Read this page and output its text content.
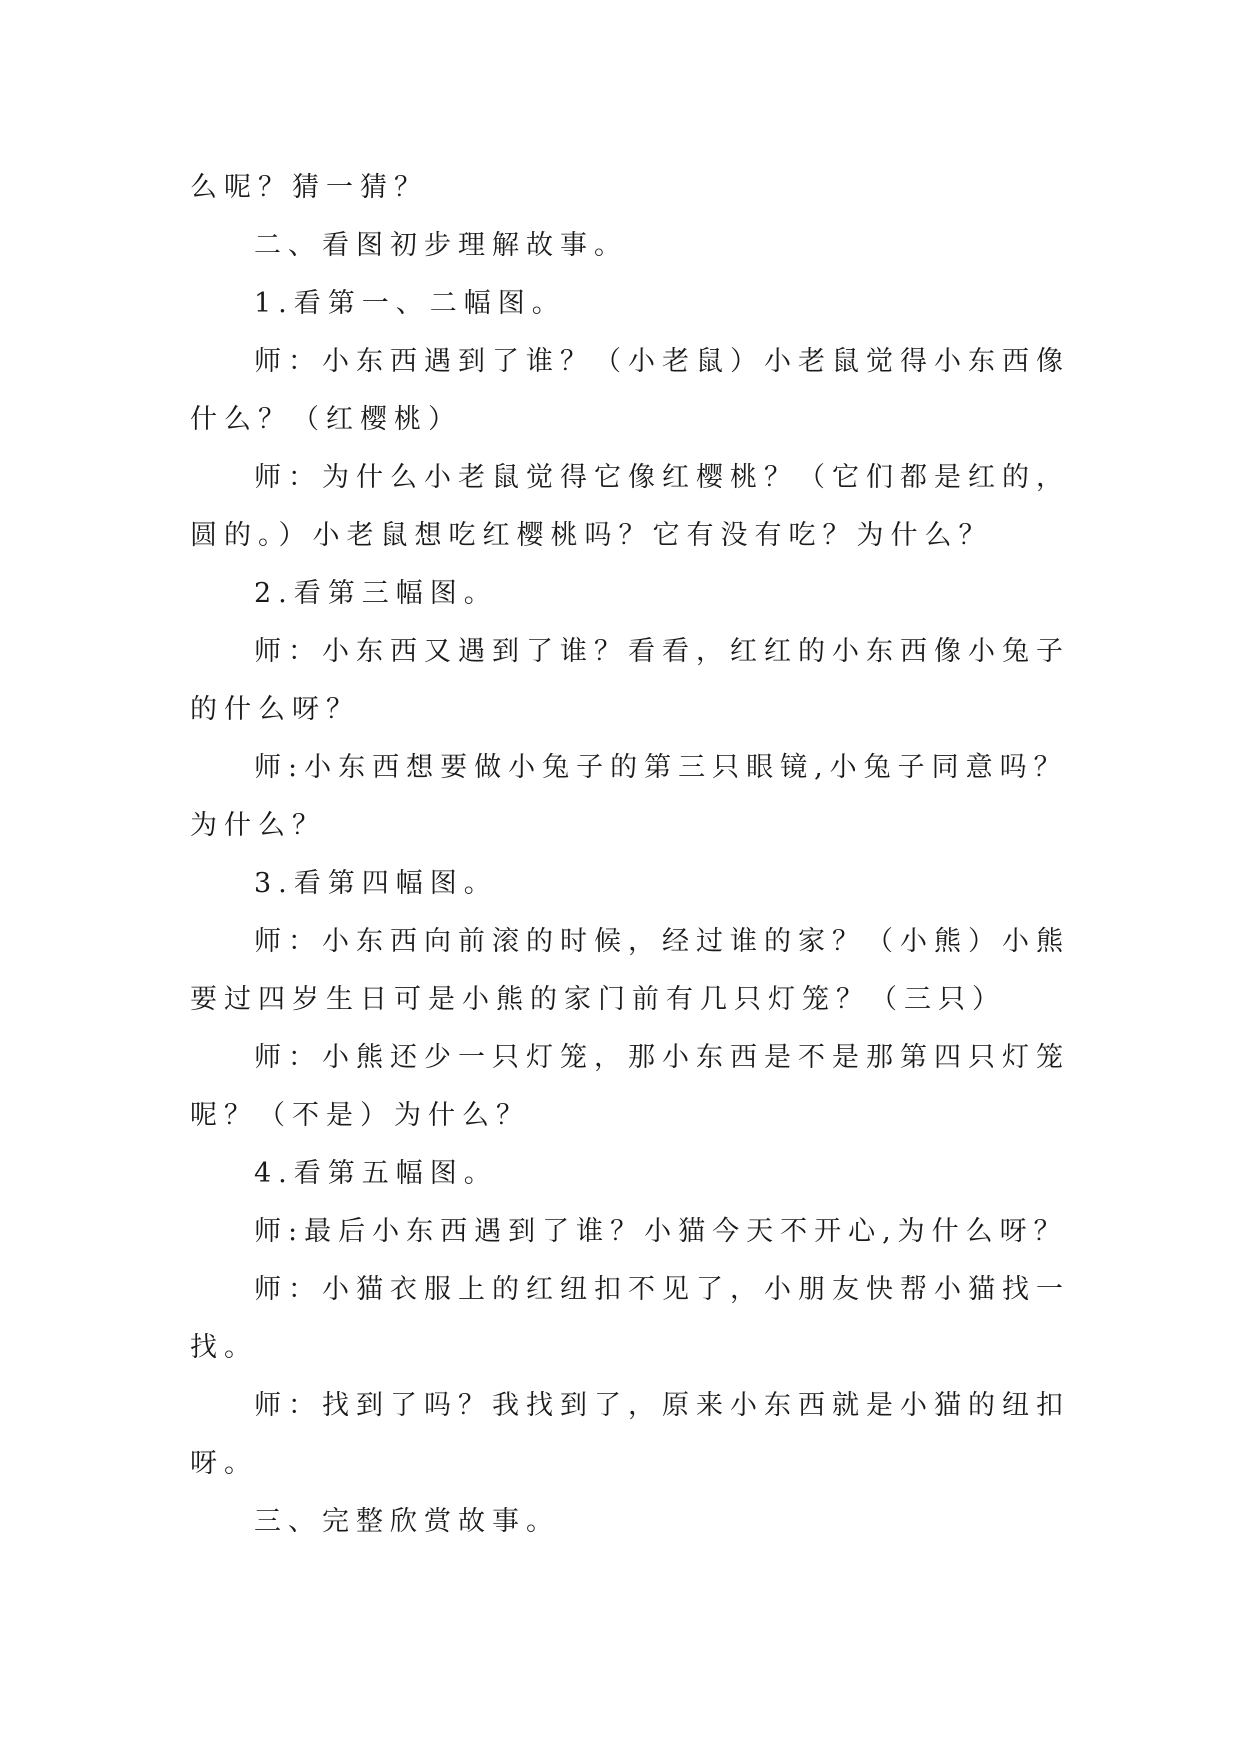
么呢？猜一猜？
二、看图初步理解故事。
1.看第一、二幅图。
师：小东西遇到了谁？（小老鼠）小老鼠觉得小东西像
什么？（红樱桃）
师：为什么小老鼠觉得它像红樱桃？（它们都是红的，
圆的。）小老鼠想吃红樱桃吗？它有没有吃？为什么？
2.看第三幅图。
师：小东西又遇到了谁？看看，红红的小东西像小兔子
的什么呀？
师:小东西想要做小兔子的第三只眼镜,小兔子同意吗？
为什么？
3.看第四幅图。
师：小东西向前滚的时候，经过谁的家？（小熊）小熊
要过四岁生日可是小熊的家门前有几只灯笼？（三只）
师：小熊还少一只灯笼，那小东西是不是那第四只灯笼
呢？（不是）为什么？
4.看第五幅图。
师:最后小东西遇到了谁？小猫今天不开心,为什么呀？
师：小猫衣服上的红纽扣不见了，小朋友快帮小猫找一
找。
师：找到了吗？我找到了，原来小东西就是小猫的纽扣
呀。
三、完整欣赏故事。
